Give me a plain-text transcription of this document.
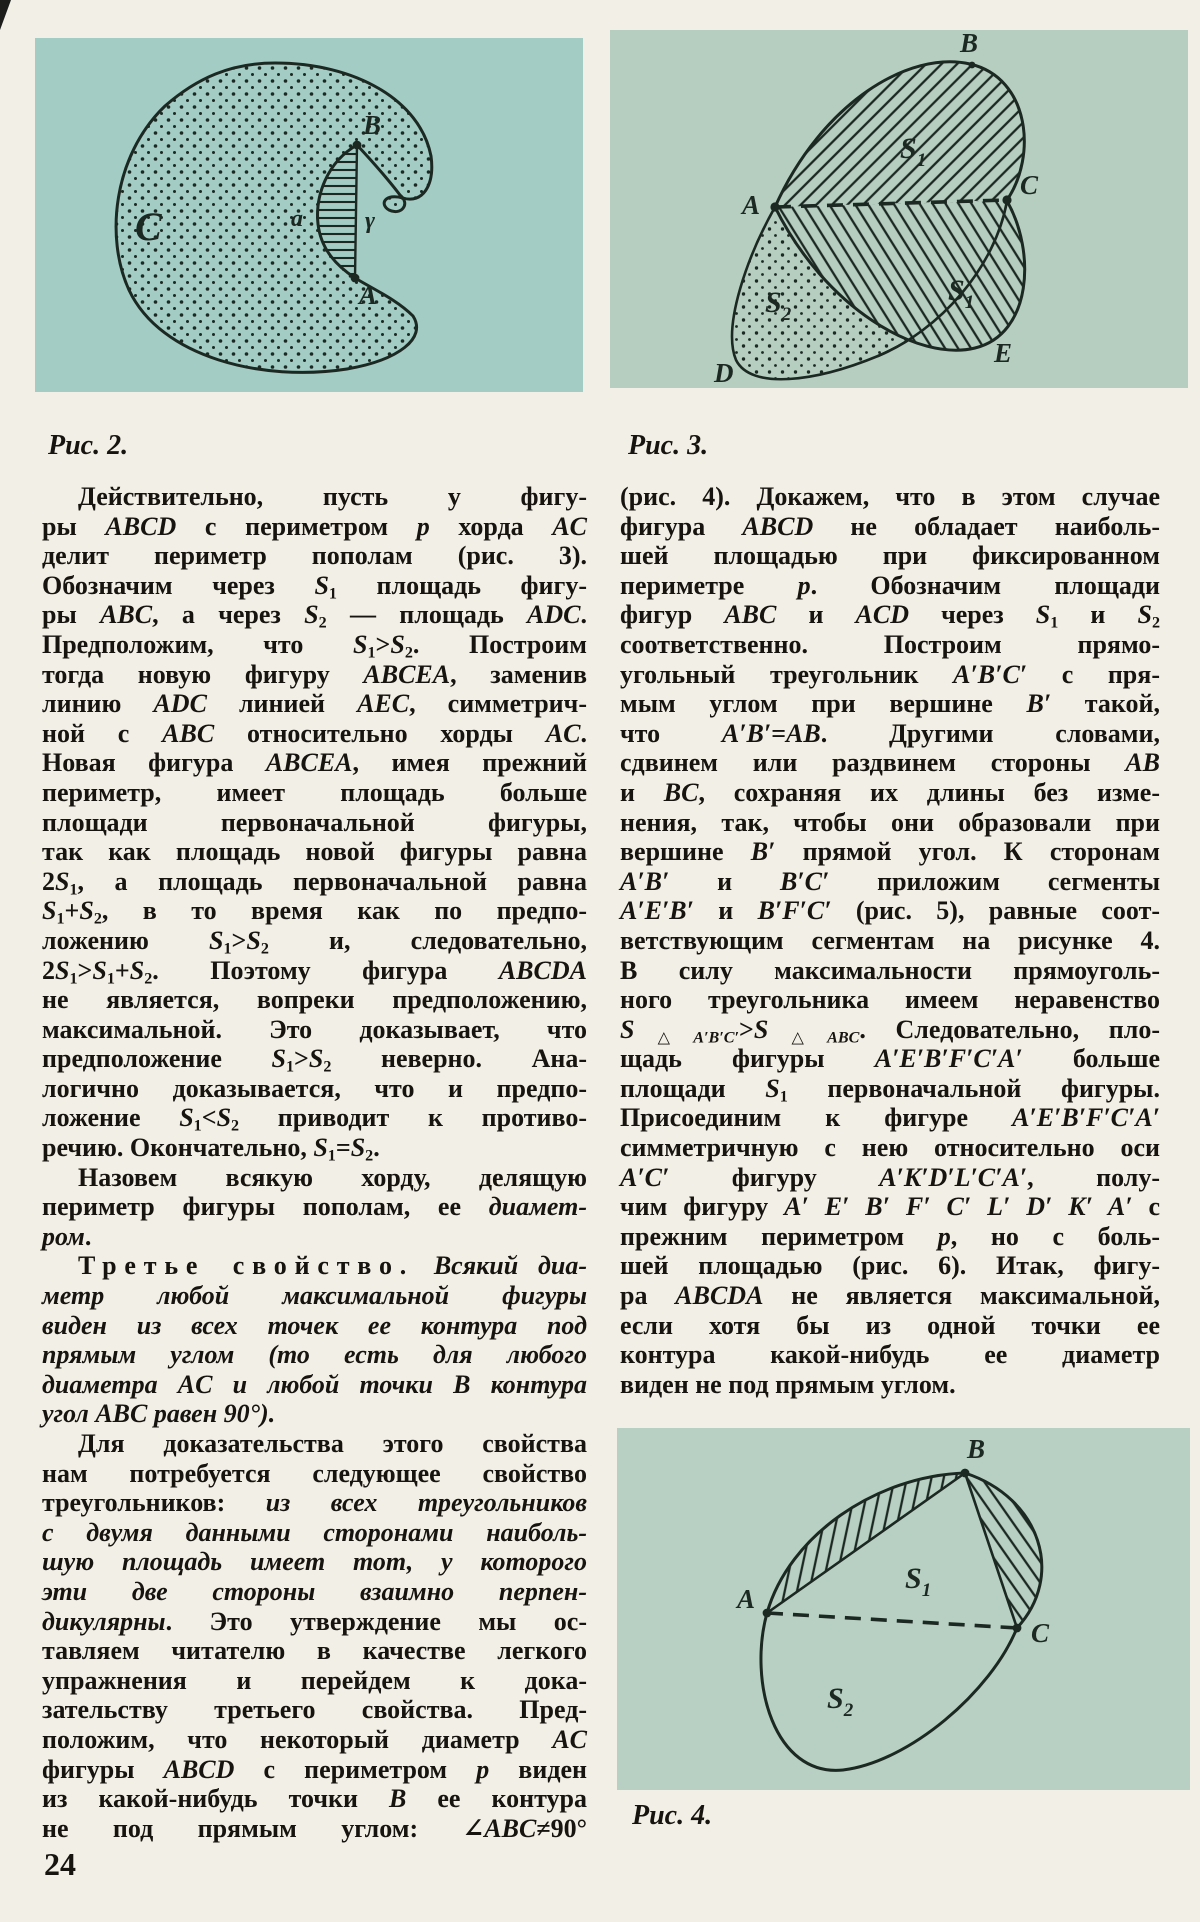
C
B
A
a	γ
A
B
C
D
E
$S_1$
$S_1$
$S_2$
Рис. 2.	Рис. 3.
Действительно, пусть у фигу-
ры ABCD с периметром p хорда AC
делит периметр пополам (рис. 3).
Обозначим через $S_1$ площадь фигу-
ры ABC, а через $S_2$ — площадь ADC.
Предположим, что $S_1>S_2$. Построим
тогда новую фигуру ABCEA, заменив
линию ADC линией AEC, симметрич-
ной с ABC относительно хорды AC.
Новая фигура ABCEA, имея прежний
периметр, имеет площадь больше
площади первоначальной фигуры,
так как площадь новой фигуры равна
$2S_1$, а площадь первоначальной равна
$S_1+S_2$, в то время как по предпо-
ложению $S_1>S_2$ и, следовательно,
$2S_1>S_1+S_2$. Поэтому фигура ABCDA
не является, вопреки предположению,
максимальной. Это доказывает, что
предположение $S_1>S_2$ неверно. Ана-
логично доказывается, что и предпо-
ложение $S_1<S_2$ приводит к противо-
речию. Окончательно, $S_1=S_2$.
Назовем всякую хорду, делящую
периметр фигуры пополам, ее диамет-
ром.
Третье свойство. Всякий диа-
метр любой максимальной фигуры
виден из всех точек ее контура под
прямым углом (то есть для любого
диаметра AC и любой точки B контура
угол ABC равен 90°).
Для доказательства этого свойства
нам потребуется следующее свойство
треугольников: из всех треугольников
с двумя данными сторонами наиболь-
шую площадь имеет тот, у которого
эти две стороны взаимно перпен-
дикулярны. Это утверждение мы ос-
тавляем читателю в качестве легкого
упражнения и перейдем к дока-
зательству третьего свойства. Пред-
положим, что некоторый диаметр AC
фигуры ABCD с периметром p виден
из какой-нибудь точки B ее контура
не под прямым углом: ∠ABC≠90°
(рис. 4). Докажем, что в этом случае
фигура ABCD не обладает наиболь-
шей площадью при фиксированном
периметре p. Обозначим площади
фигур ABC и ACD через $S_1$ и $S_2$
соответственно. Построим прямо-
угольный треугольник A′B′C′ с пря-
мым углом при вершине B′ такой,
что A′B′=AB. Другими словами,
сдвинем или раздвинем стороны AB
и BC, сохраняя их длины без изме-
нения, так, чтобы они образовали при
вершине B′ прямой угол. К сторонам
A′B′ и B′C′ приложим сегменты
A′E′B′ и B′F′C′ (рис. 5), равные соот-
ветствующим сегментам на рисунке 4.
В силу максимальности прямоуголь-
ного треугольника имеем неравенство
$S_{\triangle A'B'C'}>S_{\triangle ABC}$. Следовательно, пло-
щадь фигуры A′E′B′F′C′A′ больше
площади $S_1$ первоначальной фигуры.
Присоединим к фигуре A′E′B′F′C′A′
симметричную с нею относительно оси
A′C′ фигуру A′K′D′L′C′A′, полу-
чим фигуру A′ E′ B′ F′ C′ L′ D′ K′ A′ с
прежним периметром p, но с боль-
шей площадью (рис. 6). Итак, фигу-
ра ABCDA не является максимальной,
если хотя бы из одной точки ее
контура какой-нибудь ее диаметр
виден не под прямым углом.
A
B
C
$S_1$
$S_2$
Рис. 4.
24
